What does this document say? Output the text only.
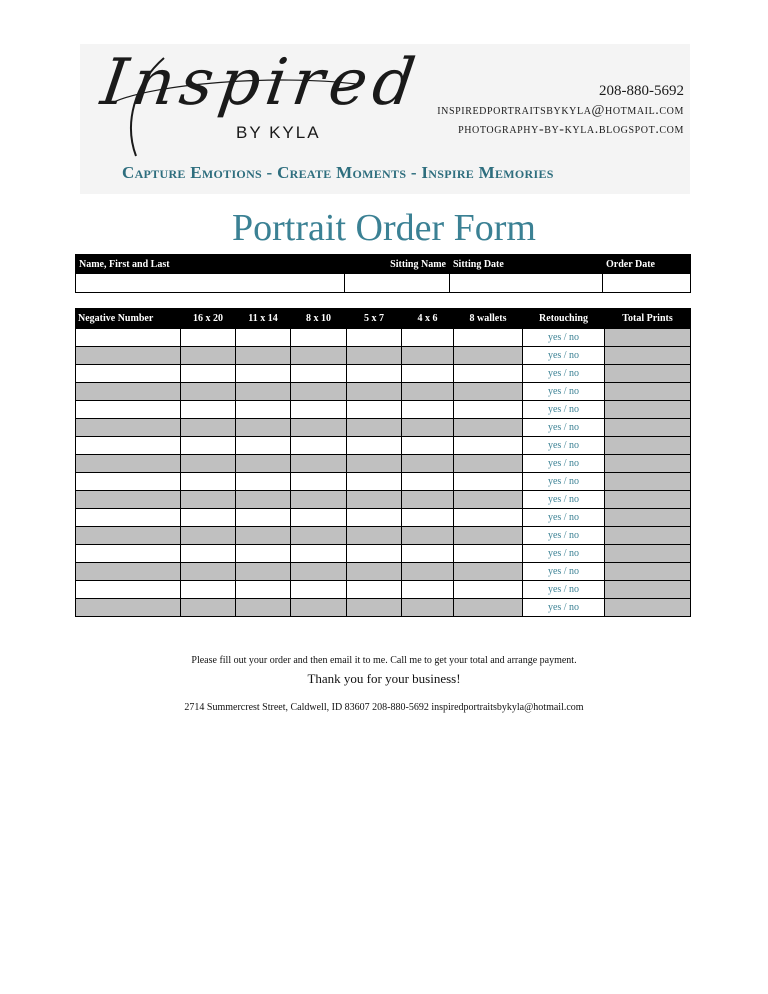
Inspired
BY KYLA
208-880-5692
inspiredportraitsbykyla@hotmail.com
photography-by-kyla.blogspot.com
Capture Emotions - Create Moments - Inspire Memories
Portrait Order Form
Name, First and Last	Sitting Name	Sitting Date	Order Date

Negative Number	16 x 20	11 x 14	8 x 10	5 x 7	4 x 6	8 wallets	Retouching	Total Prints
							yes / no	
							yes / no	
							yes / no	
							yes / no	
							yes / no	
							yes / no	
							yes / no	
							yes / no	
							yes / no	
							yes / no	
							yes / no	
							yes / no	
							yes / no	
							yes / no	
							yes / no	
							yes / no	
Please fill out your order and then email it to me. Call me to get your total and arrange payment.
Thank you for your business!
2714 Summercrest Street, Caldwell, ID 83607 208-880-5692 inspiredportraitsbykyla@hotmail.com
